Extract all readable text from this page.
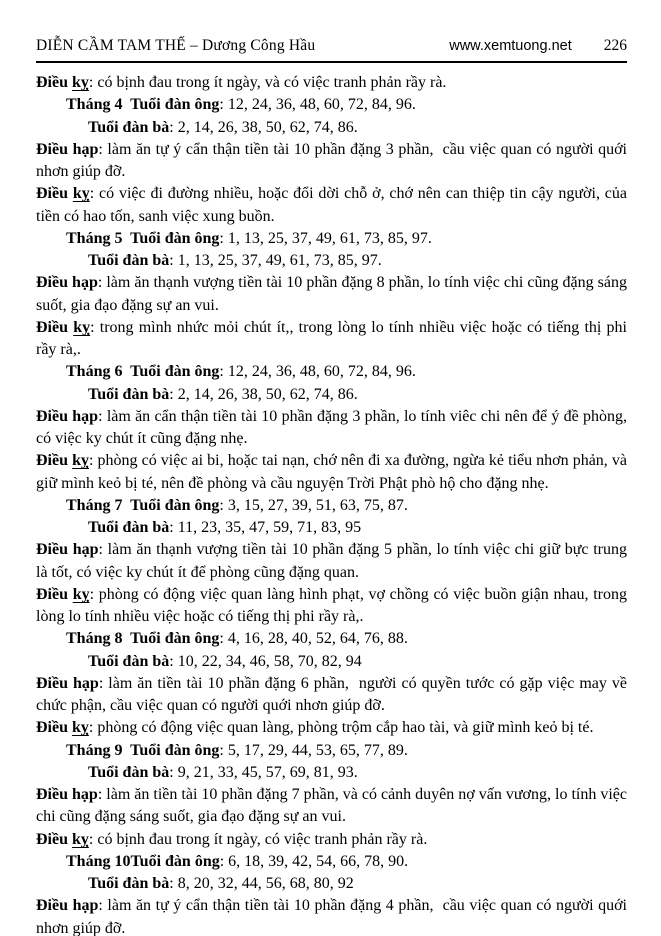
DIỄN CẦM TAM THẾ – Dương Công Hầu	www.xemtuong.net 226

Điều kỵ: có bịnh đau trong ít ngày, và có việc tranh phản rầy rà.

Tháng 4  Tuổi đàn ông: 12, 24, 36, 48, 60, 72, 84, 96.

Tuổi đàn bà: 2, 14, 26, 38, 50, 62, 74, 86.

Điều hạp: làm ăn tự ý cẩn thận tiền tài 10 phần đặng 3 phần,  cầu việc quan có người quới nhơn giúp đỡ.

Điều kỵ: có việc đi đường nhiều, hoặc đổi dời chỗ ở, chớ nên can thiệp tin cậy người, của tiền có hao tốn, sanh việc xung buồn.

Tháng 5  Tuổi đàn ông: 1, 13, 25, 37, 49, 61, 73, 85, 97.

Tuổi đàn bà: 1, 13, 25, 37, 49, 61, 73, 85, 97.

Điều hạp: làm ăn thạnh vượng tiền tài 10 phần đặng 8 phần, lo tính việc chi cũng đặng sáng suốt, gia đạo đặng sự an vui.

Điều kỵ: trong mình nhức mỏi chút ít,, trong lòng lo tính nhiều việc hoặc có tiếng thị phi rầy rà,.

Tháng 6  Tuổi đàn ông: 12, 24, 36, 48, 60, 72, 84, 96.

Tuổi đàn bà: 2, 14, 26, 38, 50, 62, 74, 86.

Điều hạp: làm ăn cẩn thận tiền tài 10 phần đặng 3 phần, lo tính viêc chi nên để ý đề phòng, có việc ky chút ít cũng đặng nhẹ.

Điều kỵ: phòng có việc ai bi, hoặc tai nạn, chớ nên đi xa đường, ngừa kẻ tiểu nhơn phản, và giữ mình keỏ bị té, nên đề phòng và cầu nguyện Trời Phật phò hộ cho đặng nhẹ.

Tháng 7  Tuổi đàn ông: 3, 15, 27, 39, 51, 63, 75, 87.

Tuổi đàn bà: 11, 23, 35, 47, 59, 71, 83, 95

Điều hạp: làm ăn thạnh vượng tiền tài 10 phần đặng 5 phần, lo tính việc chi giữ bực trung là tốt, có việc ky chút ít để phòng cũng đặng quan.

Điều kỵ: phòng có động việc quan làng hình phạt, vợ chồng có việc buồn giận nhau, trong lòng lo tính nhiều việc hoặc có tiếng thị phi rầy rà,.

Tháng 8  Tuổi đàn ông: 4, 16, 28, 40, 52, 64, 76, 88.

Tuổi đàn bà: 10, 22, 34, 46, 58, 70, 82, 94

Điều hạp: làm ăn tiền tài 10 phần đặng 6 phần,  người có quyền tước có gặp việc may về chức phận, cầu việc quan có người quới nhơn giúp đỡ.

Điều kỵ: phòng có động việc quan làng, phòng trộm cắp hao tài, và giữ mình keỏ bị té.

Tháng 9  Tuổi đàn ông: 5, 17, 29, 44, 53, 65, 77, 89.

Tuổi đàn bà: 9, 21, 33, 45, 57, 69, 81, 93.

Điều hạp: làm ăn tiền tài 10 phần đặng 7 phần, và có cảnh duyên nợ vấn vương, lo tính việc chi cũng đặng sáng suốt, gia đạo đặng sự an vui.

Điều kỵ: có bịnh đau trong ít ngày, có việc tranh phản rầy rà.

Tháng 10Tuổi đàn ông: 6, 18, 39, 42, 54, 66, 78, 90.

Tuổi đàn bà: 8, 20, 32, 44, 56, 68, 80, 92

Điều hạp: làm ăn tự ý cẩn thận tiền tài 10 phần đặng 4 phần,  cầu việc quan có người quới nhơn giúp đỡ.
